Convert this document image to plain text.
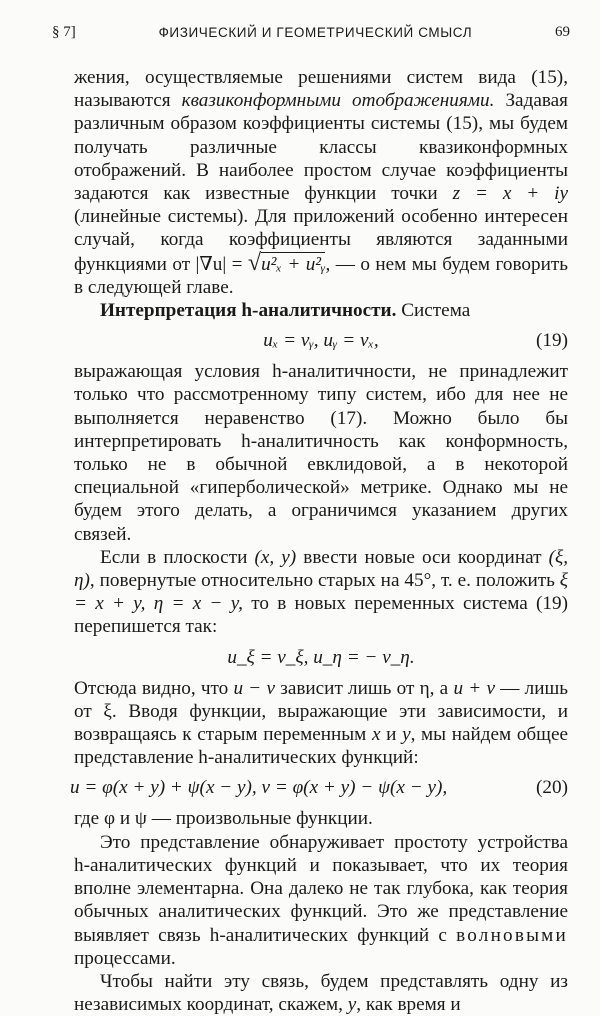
§ 7]	ФИЗИЧЕСКИЙ И ГЕОМЕТРИЧЕСКИЙ СМЫСЛ	69

жения, осуществляемые решениями систем вида (15), называются квазиконформными отображениями. Задавая различным образом коэффициенты системы (15), мы будем получать различные классы квазиконформных отображений. В наиболее простом случае коэффициенты задаются как известные функции точки z = x + iy (линейные системы). Для приложений особенно интересен случай, когда коэффициенты являются заданными функциями от |∇u| = √u²ₓ + u²ᵧ, — о нем мы будем говорить в следующей главе.

Интерпретация h-аналитичности. Система

uₓ = vᵧ, uᵧ = vₓ,	(19)

выражающая условия h-аналитичности, не принадлежит только что рассмотренному типу систем, ибо для нее не выполняется неравенство (17). Можно было бы интерпретировать h-аналитичность как конформность, только не в обычной евклидовой, а в некоторой специальной «гиперболической» метрике. Однако мы не будем этого делать, а ограничимся указанием других связей.

Если в плоскости (x, y) ввести новые оси координат (ξ, η), повернутые относительно старых на 45°, т. е. положить ξ = x + y, η = x − y, то в новых переменных система (19) перепишется так:

u_ξ = v_ξ, u_η = − v_η.

Отсюда видно, что u − v зависит лишь от η, а u + v — лишь от ξ. Вводя функции, выражающие эти зависимости, и возвращаясь к старым переменным x и y, мы найдем общее представление h-аналитических функций:

u = φ(x + y) + ψ(x − y), v = φ(x + y) − ψ(x − y),	(20)

где φ и ψ — произвольные функции.

Это представление обнаруживает простоту устройства h-аналитических функций и показывает, что их теория вполне элементарна. Она далеко не так глубока, как теория обычных аналитических функций. Это же представление выявляет связь h-аналитических функций с волновыми процессами.

Чтобы найти эту связь, будем представлять одну из независимых координат, скажем, y, как время и
